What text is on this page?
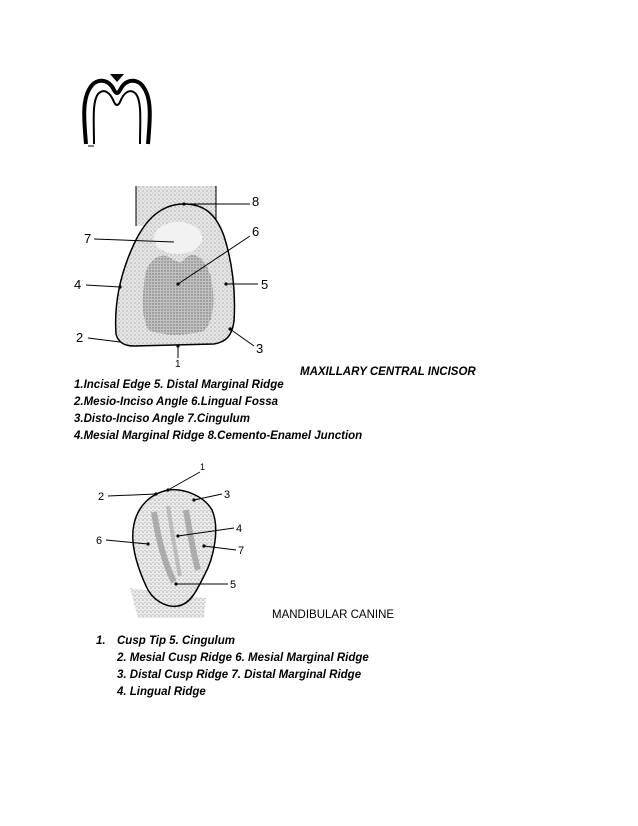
1
2
3
4	5
6
7
8
MAXILLARY CENTRAL INCISOR
1.Incisal Edge 5. Distal Marginal Ridge
2.Mesio-Inciso Angle 6.Lingual Fossa
3.Disto-Inciso Angle 7.Cingulum
4.Mesial Marginal Ridge 8.Cemento-Enamel Junction
1
2	3
4
5
6
7
MANDIBULAR CANINE
1. Cusp Tip 5. Cingulum
2. Mesial Cusp Ridge 6. Mesial Marginal Ridge
3. Distal Cusp Ridge 7. Distal Marginal Ridge
4. Lingual Ridge
